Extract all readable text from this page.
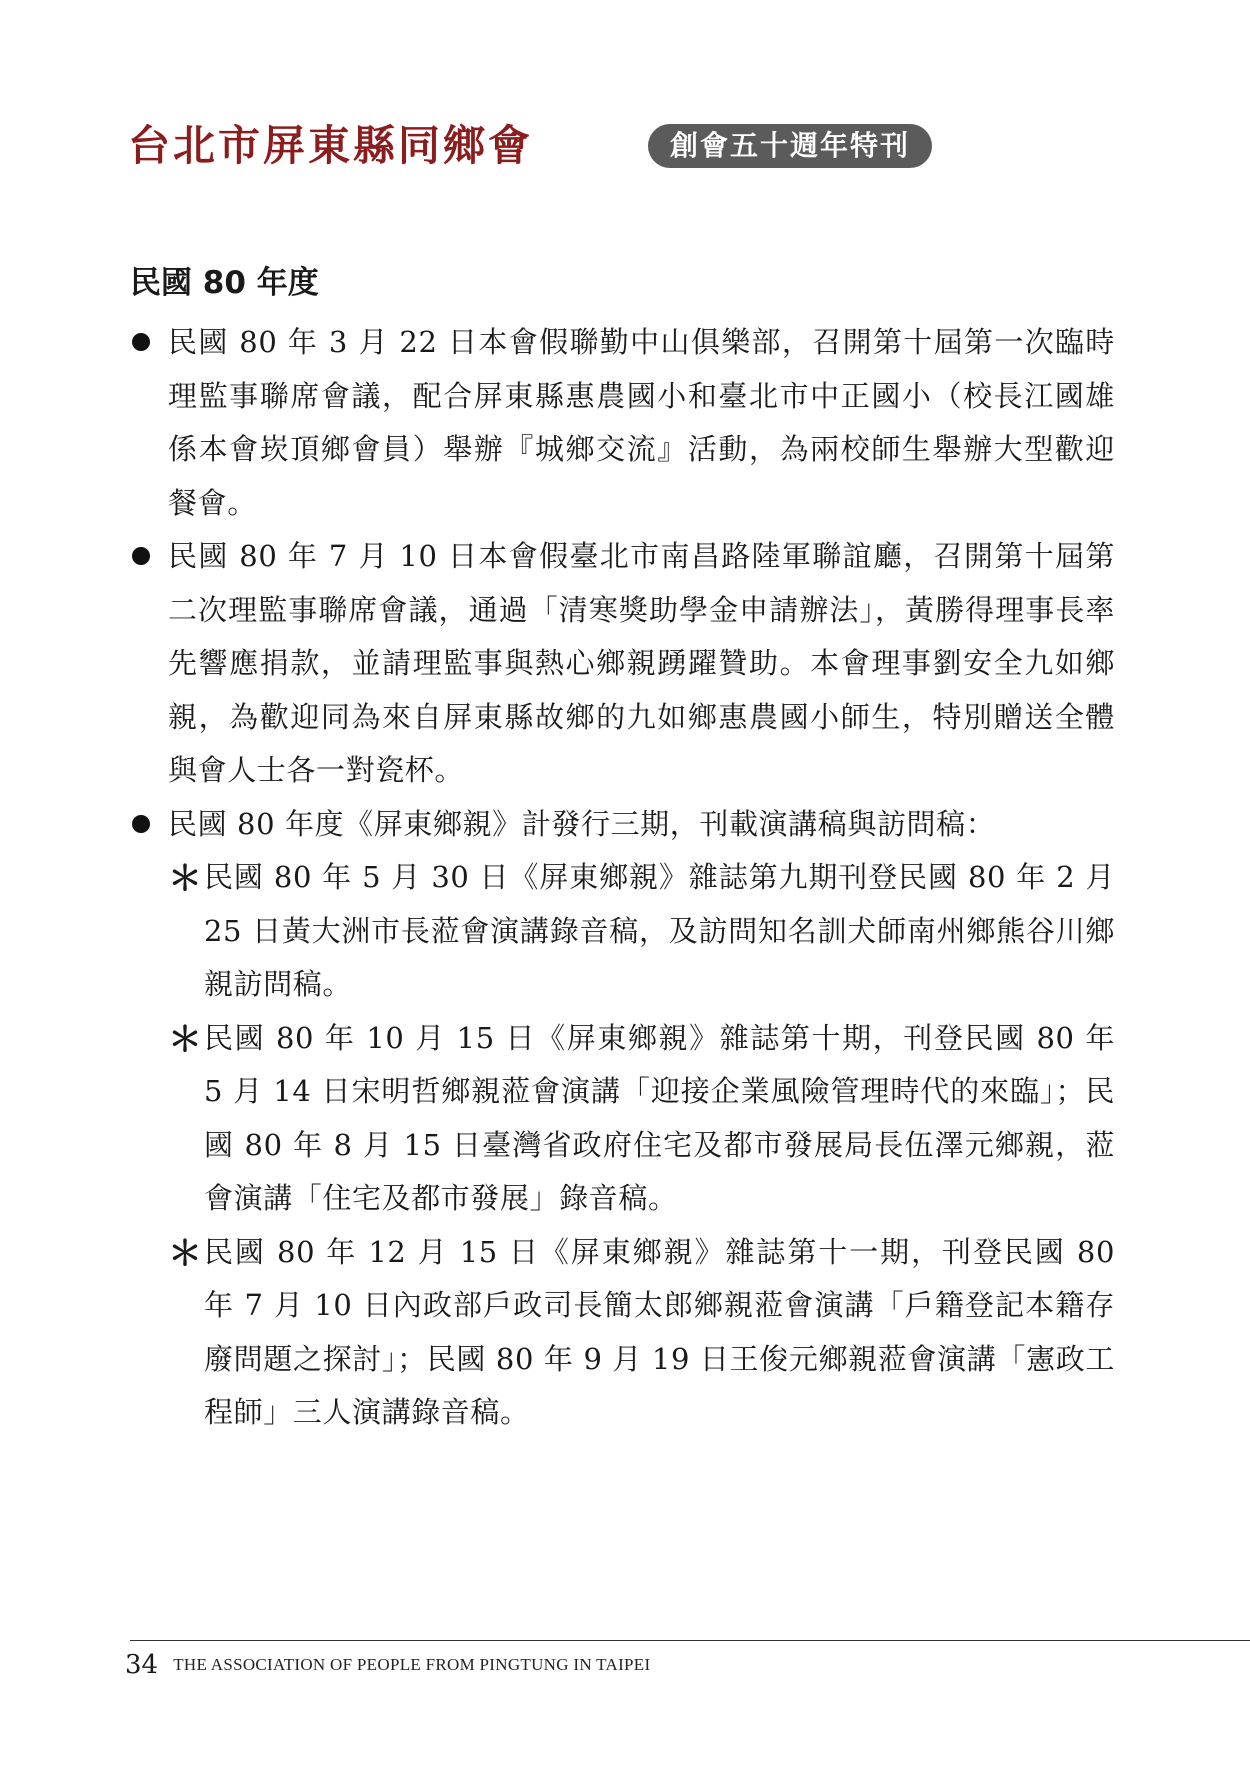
台北市屏東縣同鄉會	創會五十週年特刊
民國 80 年度
民國 80 年 3 月 22 日本會假聯勤中山俱樂部，召開第十屆第一次臨時理監事聯席會議，配合屏東縣惠農國小和臺北市中正國小（校長江國雄係本會崁頂鄉會員）舉辦『城鄉交流』活動，為兩校師生舉辦大型歡迎餐會。
民國 80 年 7 月 10 日本會假臺北市南昌路陸軍聯誼廳，召開第十屆第二次理監事聯席會議，通過「清寒獎助學金申請辦法」，黃勝得理事長率先響應捐款，並請理監事與熱心鄉親踴躍贊助。本會理事劉安全九如鄉親，為歡迎同為來自屏東縣故鄉的九如鄉惠農國小師生，特別贈送全體與會人士各一對瓷杯。
民國 80 年度《屏東鄉親》計發行三期，刊載演講稿與訪問稿：
＊ 民國 80 年 5 月 30 日《屏東鄉親》雜誌第九期刊登民國 80 年 2 月 25 日黃大洲市長蒞會演講錄音稿，及訪問知名訓犬師南州鄉熊谷川鄉親訪問稿。
＊ 民國 80 年 10 月 15 日《屏東鄉親》雜誌第十期，刊登民國 80 年 5 月 14 日宋明哲鄉親蒞會演講「迎接企業風險管理時代的來臨」；民國 80 年 8 月 15 日臺灣省政府住宅及都市發展局長伍澤元鄉親，蒞會演講「住宅及都市發展」錄音稿。
＊ 民國 80 年 12 月 15 日《屏東鄉親》雜誌第十一期，刊登民國 80 年 7 月 10 日內政部戶政司長簡太郎鄉親蒞會演講「戶籍登記本籍存廢問題之探討」；民國 80 年 9 月 19 日王俊元鄉親蒞會演講「憲政工程師」三人演講錄音稿。
34 THE ASSOCIATION OF PEOPLE FROM PINGTUNG IN TAIPEI
